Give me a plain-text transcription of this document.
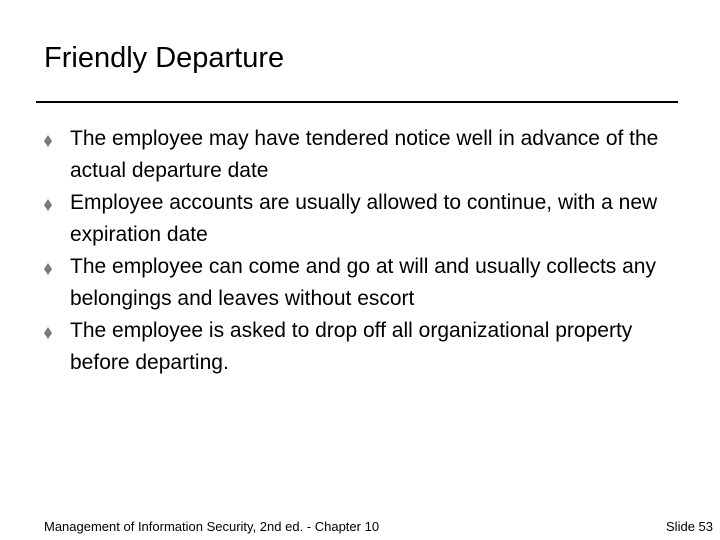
Friendly Departure
The employee may have tendered notice well in advance of the actual departure date
Employee accounts are usually allowed to continue, with a new expiration date
The employee can come and go at will and usually collects any belongings and leaves without escort
The employee is asked to drop off all organizational property before departing.
Management of Information Security, 2nd ed. - Chapter 10	Slide 53
